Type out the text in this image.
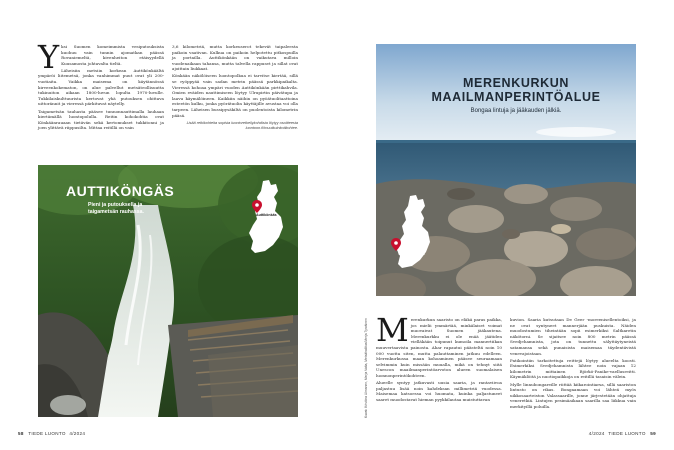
Y ksi Suomen komeimmista vesiputouksista kuohuu vain tunnin ajomatkan päässä Rovaniemeltä, kivenheiton etäisyydellä Kuusamosta johtavalta tieltä.

Läheisiin metsiin korkean Auttikönkäältä ympäröi liitemetsä, jonka vanhimmat puut ovat yli 200-vuotiaita. Vaikka maisema on käytännössä kirveenkokematon, on alue palvellut metsäteollisuutta tukinuiton aikaan 1800-luvun lopulta 1970-luvulle. Tukkilaiskulttuurista kertovat yhä putouksen ohittava uittorännit ja vieressä pärkituvat näytelly.

Taigametsän tauhasta pääsee tunnonnauttimalla lauhaan kiertämällä luontopolulla. Reitin kohokohtia ovat Könkäänrauaan tietävän sekä kertomukset tukkitonni ja joen ylittävä riippusilta. Mittaa reitillä on vain

3,6 kilometriä, mutta korkeuserot tekevät taipaleesta paikoin vaativan. Kulkua on paikoin helpotettu pitkospuilla ja portailla. Auttikönkään on vaikutava milloin vuodenaikaan tahansa, mutta talvella rappuset ja sillat ovat ajoittain liukkaat.

Könkään näkölöiseen luontopolkua ei tarvitse kiertää, sillä se ryöppyää vain sadan metrin päässä parkkipaikalta. Vieressä kohoaa ympäri vuoden Auttikönkään pirttikahvila. Omien eväiden nauttimiseen löytyy Ulrupirtin päivätupa ja laavu käymälöineen. Kaikkiin näihin on pyöätuolitaattoina esteetön kulku, jonka pyörätuolin käyttäjille avustaa voi olla tarpeen. Läheisen bussipysäkiltä on puolentoista kilometrin pääsä.

Lisää retkikohteita sopista luontoretkeilykohdista löytyy osoitteesta luontoon.fi/muutkuinkotikohtee.

AUTTIKÖNGÄS
Pieni ja putouksella ja taigametsän rauhassa.	Auttikönkäs
58 TIEDE LUONTO 4/2024
MERENKURKUN
MAAILMANPERINTÖALUE
Bongaa lintuja ja jääkauden jälkiä.
Vaasa/Jaanemo
Kuvat: Kristiina Ulmanen, Merja Valta, Metsähallitus/Merja Tyrväinen M erenkurkun saaristo on eläkä paras paikka, jos mielii ymmärtää, minkälaiset voimat muovaivat Suomen jääkautena. Merenkurkku ei ole enää jäätiden vielläkään toipunut kumoila mannertiikan muuvertaavista painosta. Ahar rapautui päästeltä noin 10 000 vuotta siten, mutta palauttaminen jatkuu edelleen. Merenkurkussa maan kohoaminen pääsee seuraamaan selvimmin kuin missään muualla, mikä on tehnyt siitä Unescon maailmanperintöarvoton alueen suomalaisen luonnonperintökohteen.

Alueelle syntyy jatkuvasti uusia saaria, ja rantaviivoa paljastuu lisää noin kahdeksan millimetriä vuodessa. Maisemaa katsoessa voi huomata, kuinka paljastuneet saaret muodostavat hieman pyykkilautaa muistuttavan

kuvion. Saaria kutsutaan De Geer -moreenisellentoiksi, ja ne ovat syntyneet mannerjään puskuista. Näiden muodostumien tiheintään sopii esimerkiksi Saltkaretin näkötorni. Se sijaitsee noin 800 metrin päässä Svedjehamnista, jota on tunnettu sälyttäytyneistä satamansa sekä punaisista maisemaa täydentävistä venevajoistaan.

Patikointiin tarkoitettuja reittejä löytyy alueelta koosti. Esimerkiksi Svedjehamnista lähtee noin vajaan 12 kilometrin mittainen Björkö-Panike-vaellusreitti. Käymäklöitä ja nuotiopaikkoja on reitillä tasaisin välein.

Mylle linnubongareille riittää kiikarointiarsa, sillä saariston lintusto on rikas. Bongaamaan voi lähteä myös uikkosaarteiston Valassaarille, jonne järjestetään ohjattuja veneretkiä. Lintujen pesimäaikaan saarilla saa liikkua vain merkityillä poluilla.

4/2024 TIEDE LUONTO 59
